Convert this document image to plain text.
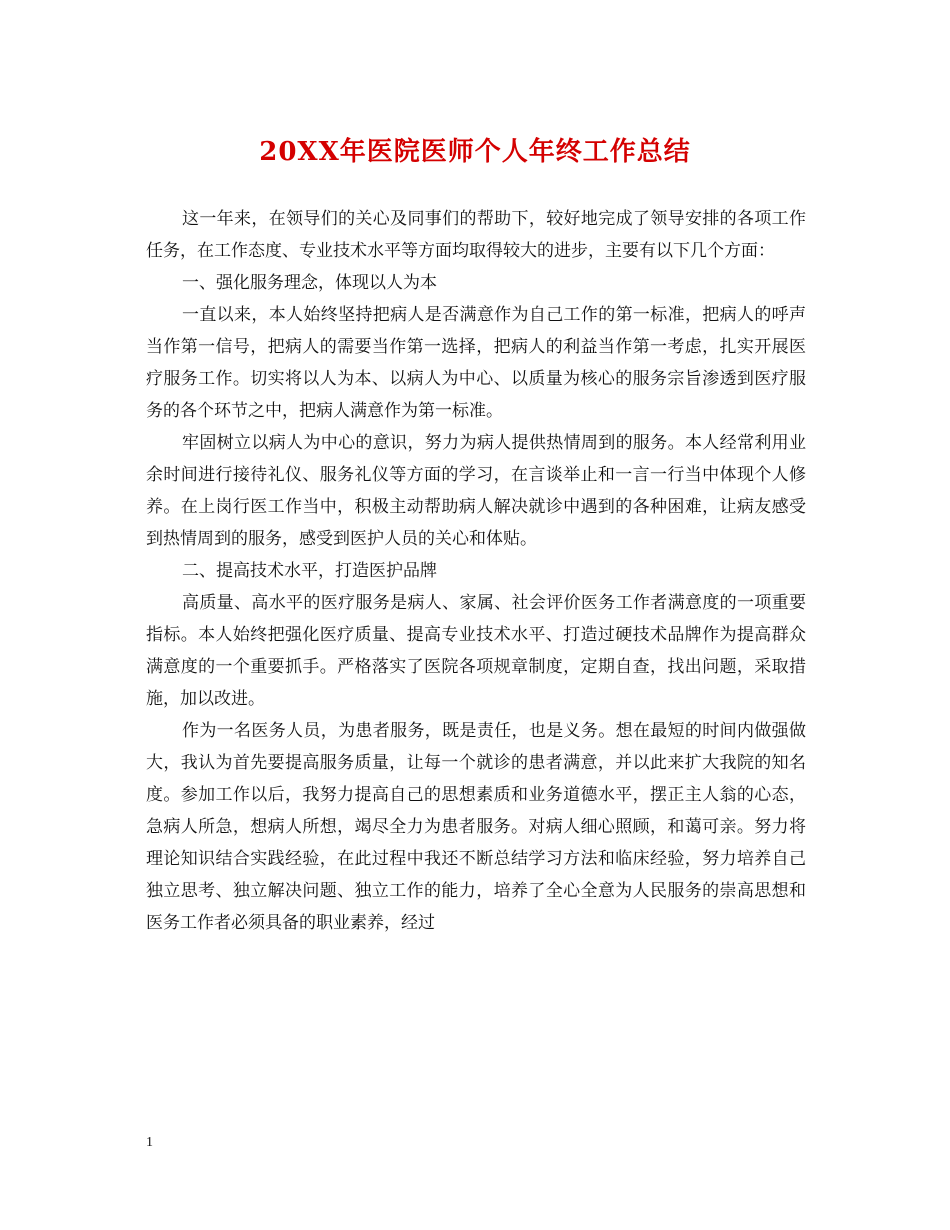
20XX年医院医师个人年终工作总结

这一年来，在领导们的关心及同事们的帮助下，较好地完成了领导安排的各项工作任务，在工作态度、专业技术水平等方面均取得较大的进步，主要有以下几个方面：

一、强化服务理念，体现以人为本

一直以来，本人始终坚持把病人是否满意作为自己工作的第一标准，把病人的呼声当作第一信号，把病人的需要当作第一选择，把病人的利益当作第一考虑，扎实开展医疗服务工作。切实将以人为本、以病人为中心、以质量为核心的服务宗旨渗透到医疗服务的各个环节之中，把病人满意作为第一标准。

牢固树立以病人为中心的意识，努力为病人提供热情周到的服务。本人经常利用业余时间进行接待礼仪、服务礼仪等方面的学习，在言谈举止和一言一行当中体现个人修养。在上岗行医工作当中，积极主动帮助病人解决就诊中遇到的各种困难，让病友感受到热情周到的服务，感受到医护人员的关心和体贴。

二、提高技术水平，打造医护品牌

高质量、高水平的医疗服务是病人、家属、社会评价医务工作者满意度的一项重要指标。本人始终把强化医疗质量、提高专业技术水平、打造过硬技术品牌作为提高群众满意度的一个重要抓手。严格落实了医院各项规章制度，定期自查，找出问题，采取措施，加以改进。

作为一名医务人员，为患者服务，既是责任，也是义务。想在最短的时间内做强做大，我认为首先要提高服务质量，让每一个就诊的患者满意，并以此来扩大我院的知名度。参加工作以后，我努力提高自己的思想素质和业务道德水平，摆正主人翁的心态，急病人所急，想病人所想，竭尽全力为患者服务。对病人细心照顾，和蔼可亲。努力将理论知识结合实践经验，在此过程中我还不断总结学习方法和临床经验，努力培养自己独立思考、独立解决问题、独立工作的能力，培养了全心全意为人民服务的崇高思想和医务工作者必须具备的职业素养，经过

1
